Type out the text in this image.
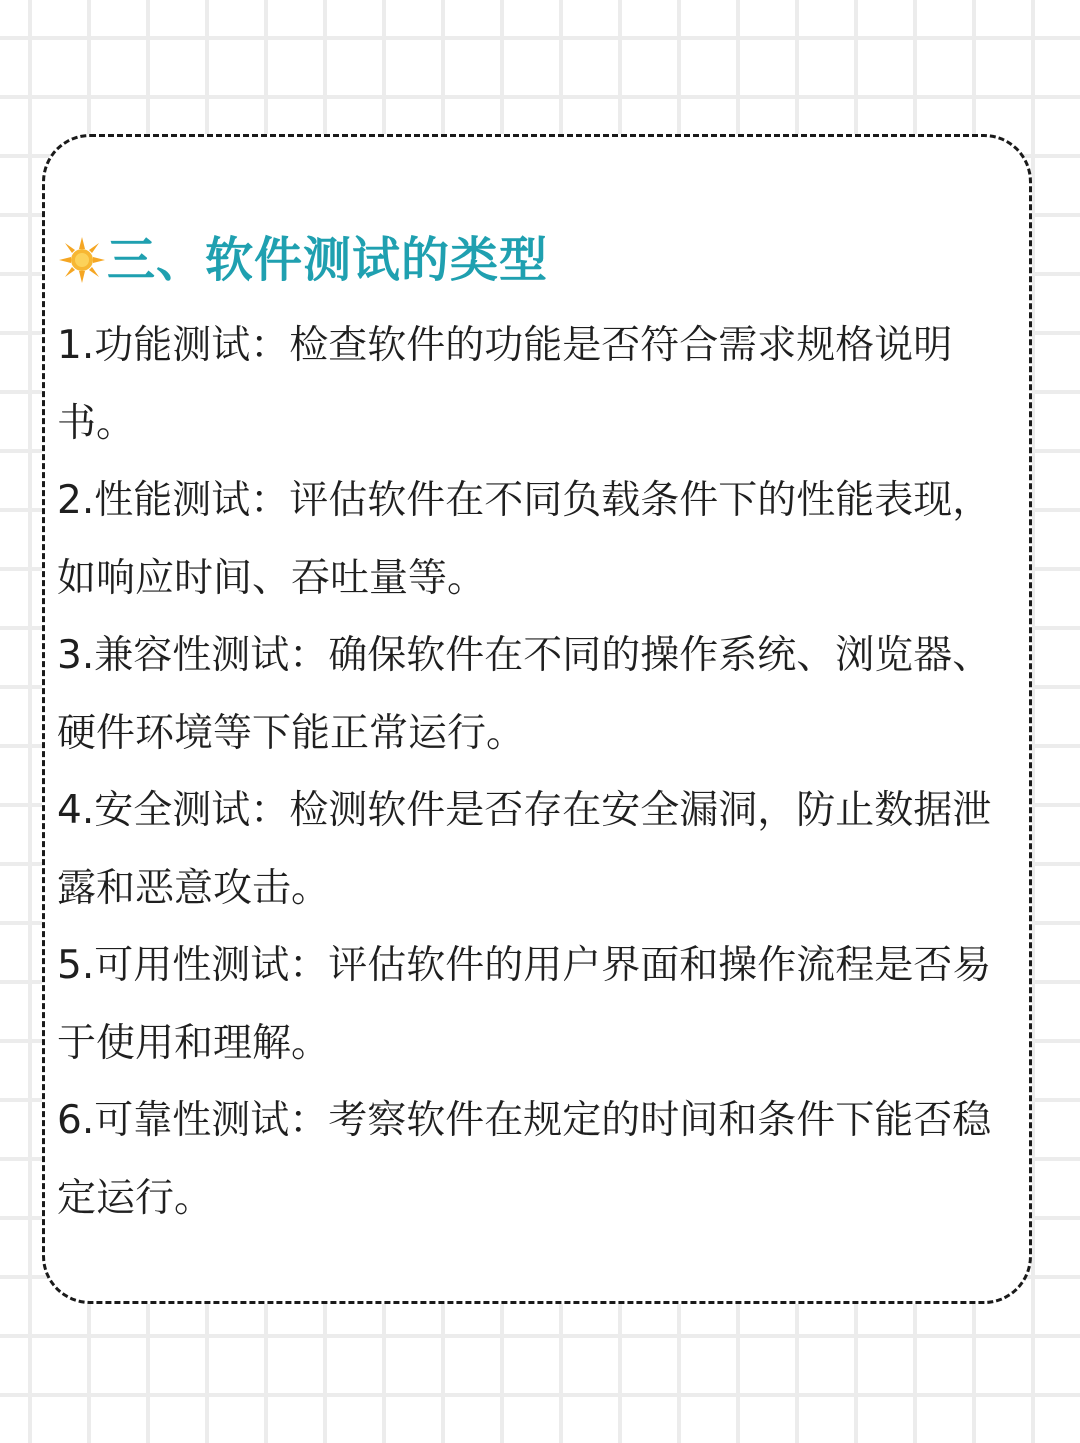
三、软件测试的类型
1.功能测试：检查软件的功能是否符合需求规格说明书。
2.性能测试：评估软件在不同负载条件下的性能表现，如响应时间、吞吐量等。
3.兼容性测试：确保软件在不同的操作系统、浏览器、硬件环境等下能正常运行。
4.安全测试：检测软件是否存在安全漏洞，防止数据泄露和恶意攻击。
5.可用性测试：评估软件的用户界面和操作流程是否易于使用和理解。
6.可靠性测试：考察软件在规定的时间和条件下能否稳定运行。
